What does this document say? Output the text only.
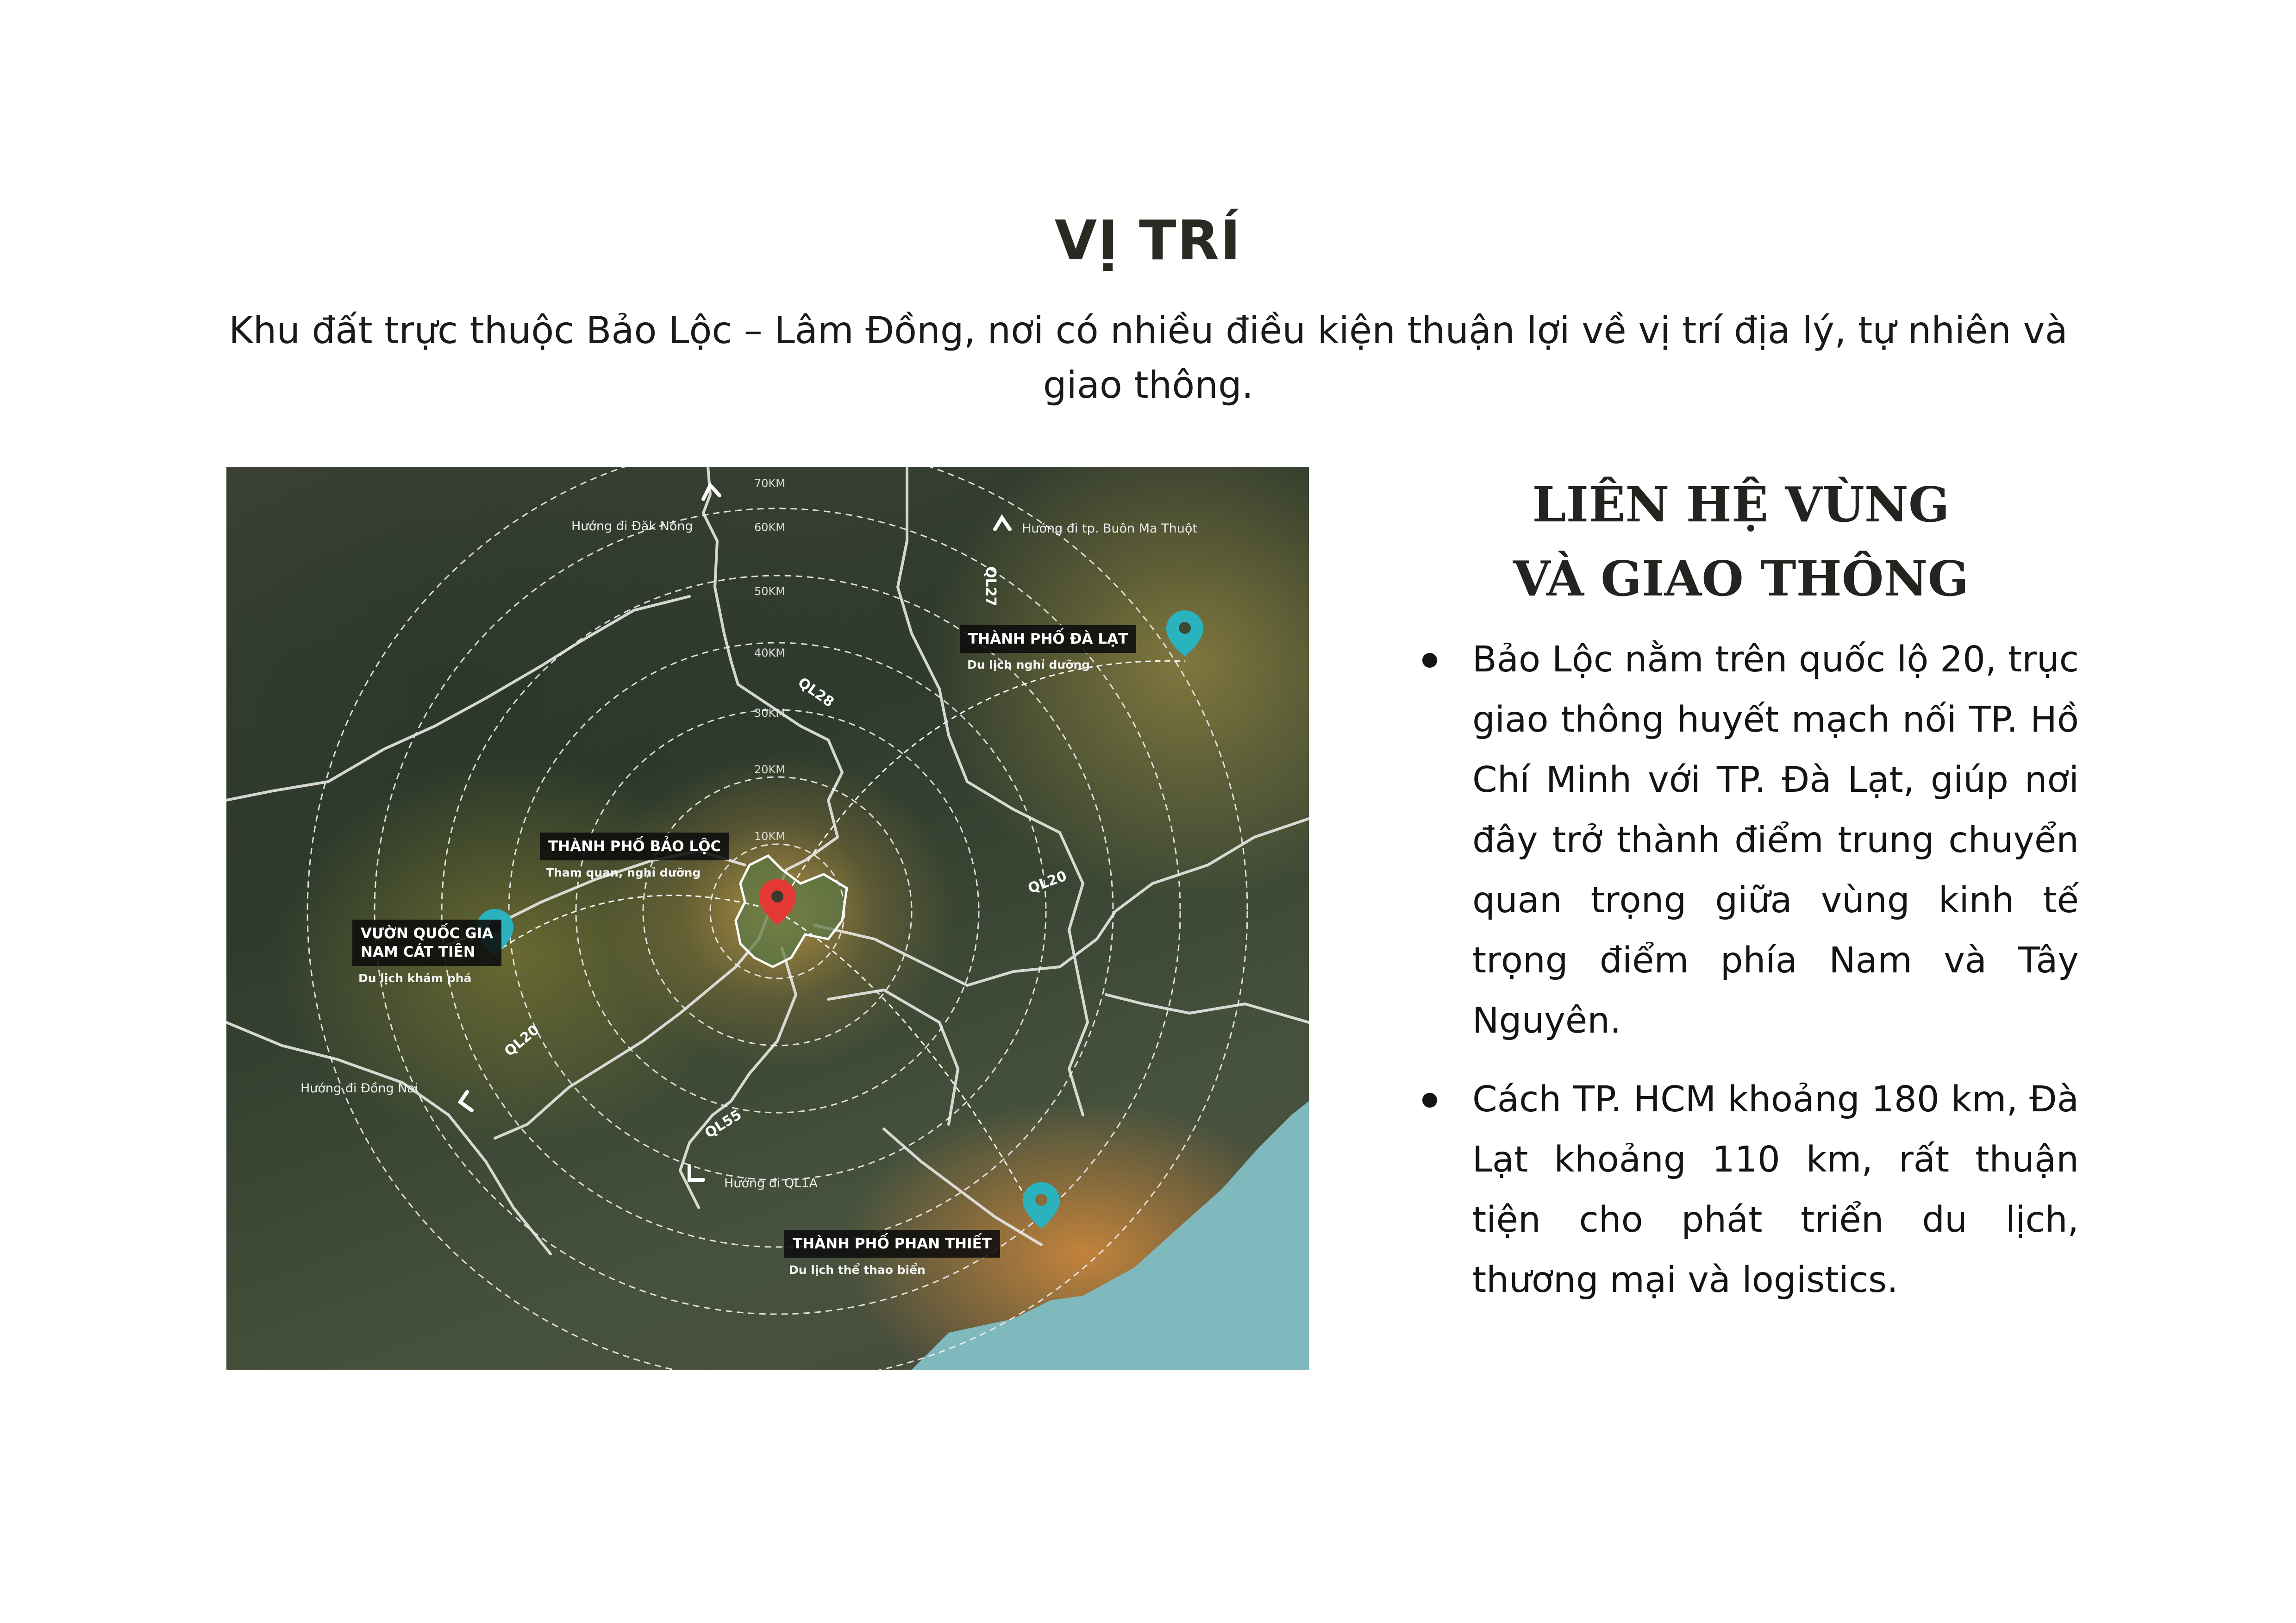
VỊ TRÍ

Khu đất trực thuộc Bảo Lộc – Lâm Đồng, nơi có nhiều điều kiện thuận lợi về vị trí địa lý, tự nhiên và giao thông.

10KM
20KM
30KM
40KM
50KM
60KM
70KM
Hướng đi Đăk Nông	Hướng đi tp. Buôn Ma Thuột
Hướng đi Đồng Nai
Hướng đi QL1A
QL27
QL28
QL20
QL20
QL55
THÀNH PHỐ BẢO LỘC
Tham quan, nghỉ dưỡng
THÀNH PHỐ ĐÀ LẠT
Du lịch nghỉ dưỡng
VƯỜN QUỐC GIA
NAM CÁT TIÊN
Du lịch khám phá
THÀNH PHỐ PHAN THIẾT
Du lịch thể thao biển
LIÊN HỆ VÙNG
VÀ GIAO THÔNG
Bảo Lộc nằm trên quốc lộ 20, trục giao thông huyết mạch nối TP. Hồ Chí Minh với TP. Đà Lạt, giúp nơi đây trở thành điểm trung chuyển quan trọng giữa vùng kinh tế trọng điểm phía Nam và Tây Nguyên.
Cách TP. HCM khoảng 180 km, Đà Lạt khoảng 110 km, rất thuận tiện cho phát triển du lịch, thương mại và logistics.
